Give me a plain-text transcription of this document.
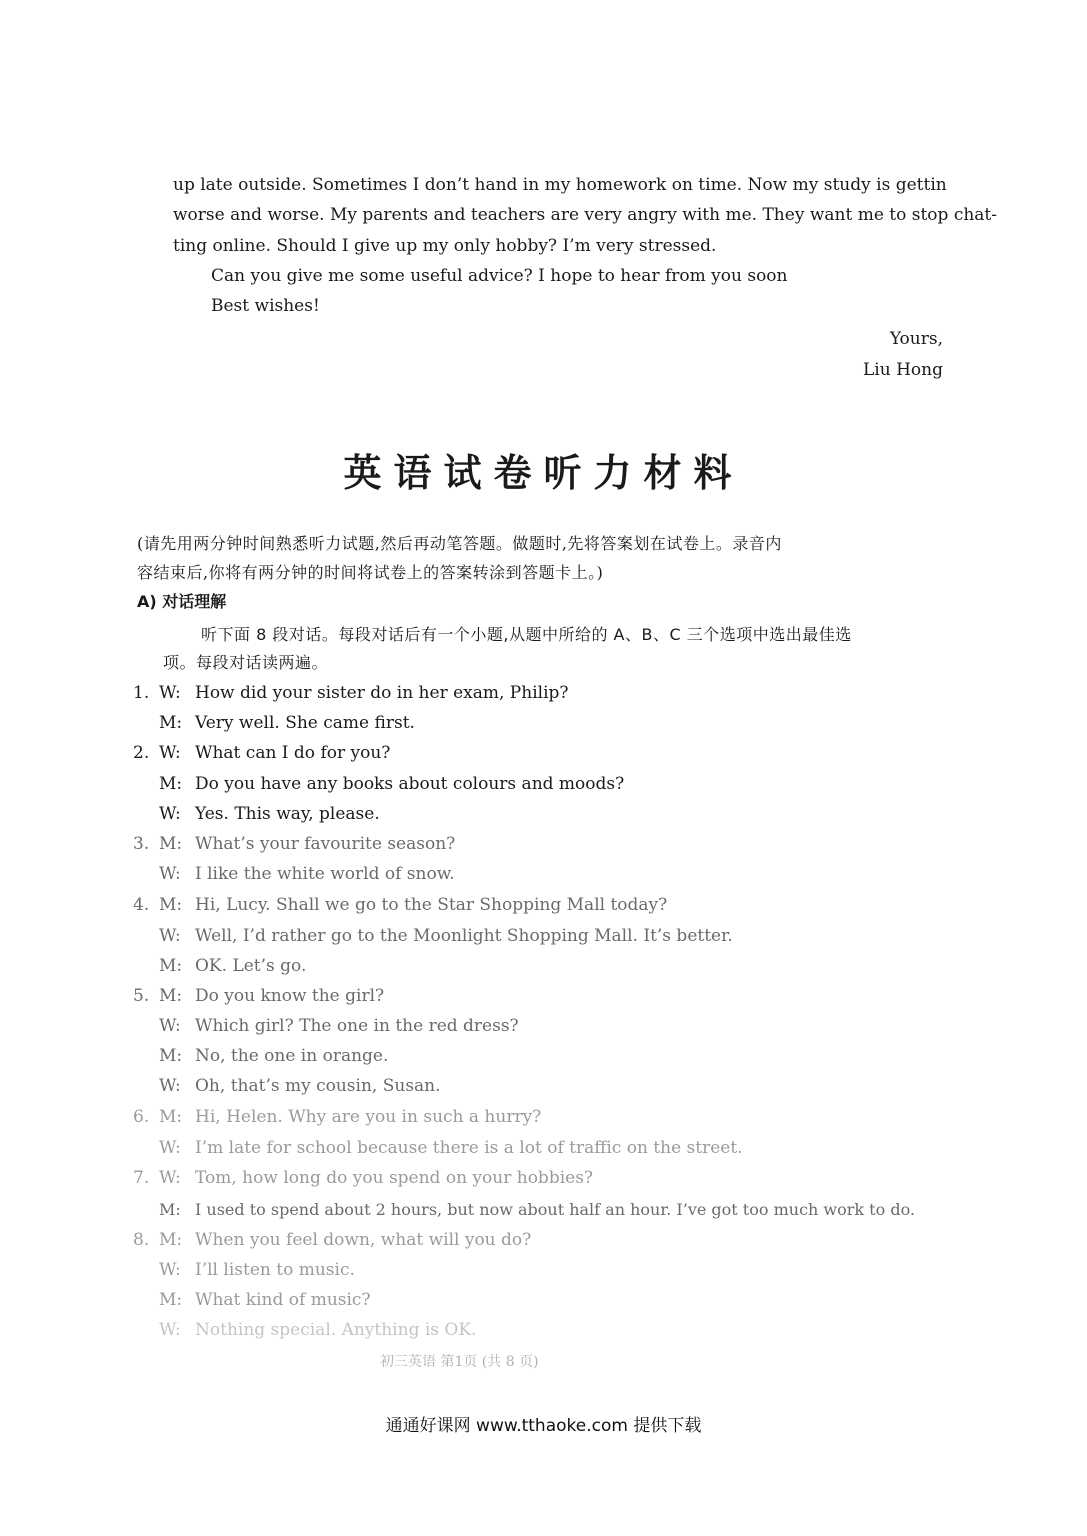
up late outside. Sometimes I don’t hand in my homework on time. Now my study is gettin
worse and worse. My parents and teachers are very angry with me. They want me to stop chat-
ting online. Should I give up my only hobby? I’m very stressed.
Can you give me some useful advice? I hope to hear from you soon
Best wishes!
Yours,
Liu Hong
英语试卷听力材料
(请先用两分钟时间熟悉听力试题,然后再动笔答题。做题时,先将答案划在试卷上。录音内
容结束后,你将有两分钟的时间将试卷上的答案转涂到答题卡上。)
A) 对话理解
听下面 8 段对话。每段对话后有一个小题,从题中所给的 A、B、C 三个选项中选出最佳选
项。每段对话读两遍。
1. W: How did your sister do in her exam, Philip?
M: Very well. She came first.
2. W: What can I do for you?
M: Do you have any books about colours and moods?
W: Yes. This way, please.
3. M: What’s your favourite season?
W: I like the white world of snow.
4. M: Hi, Lucy. Shall we go to the Star Shopping Mall today?
W: Well, I’d rather go to the Moonlight Shopping Mall. It’s better.
M: OK. Let’s go.
5. M: Do you know the girl?
W: Which girl? The one in the red dress?
M: No, the one in orange.
W: Oh, that’s my cousin, Susan.
6. M: Hi, Helen. Why are you in such a hurry?
W: I’m late for school because there is a lot of traffic on the street.
7. W: Tom, how long do you spend on your hobbies?
M: I used to spend about 2 hours, but now about half an hour. I’ve got too much work to do.
8. M: When you feel down, what will you do?
W: I’ll listen to music.
M: What kind of music?
W: Nothing special. Anything is OK.
初三英语 第1页 (共 8 页)
通通好课网 www.tthaoke.com 提供下载
